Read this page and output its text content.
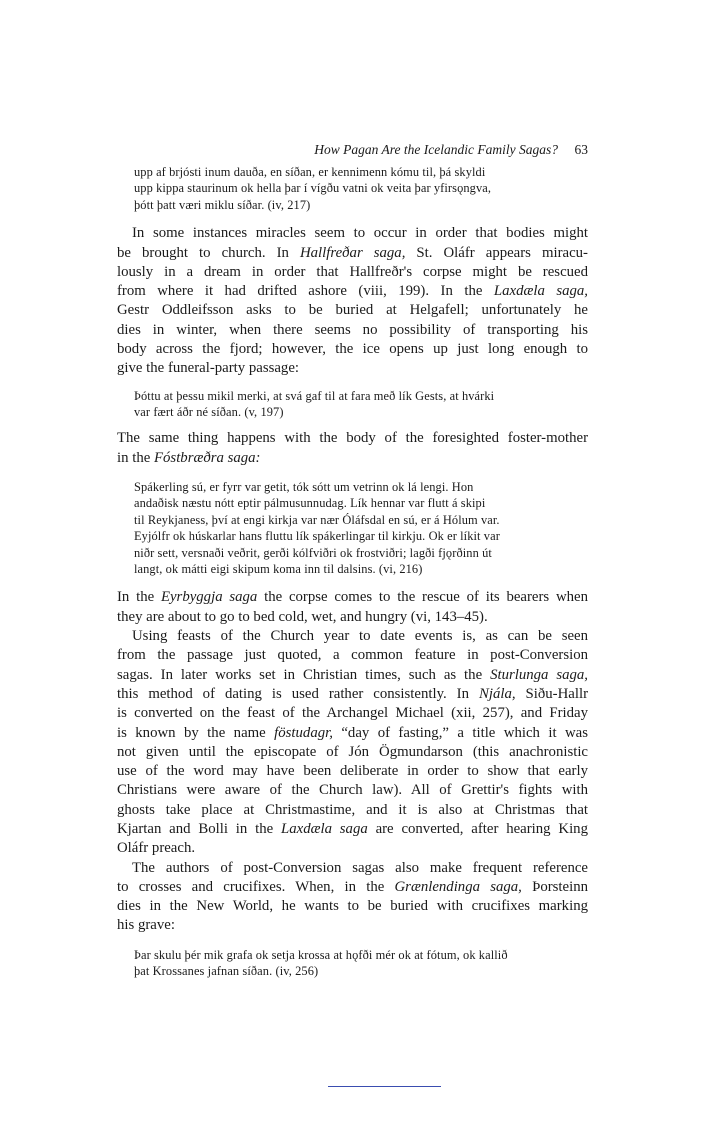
How Pagan Are the Icelandic Family Sagas? 63
upp af brjósti inum dauða, en síðan, er kennimenn kómu til, þá skyldi
upp kippa staurinum ok hella þar í vígðu vatni ok veita þar yfirsǫngva,
þótt þatt væri miklu síðar. (iv, 217)
In some instances miracles seem to occur in order that bodies might
be brought to church. In Hallfreðar saga, St. Oláfr appears miracu-
lously in a dream in order that Hallfreðr's corpse might be rescued
from where it had drifted ashore (viii, 199). In the Laxdæla saga,
Gestr Oddleifsson asks to be buried at Helgafell; unfortunately he
dies in winter, when there seems no possibility of transporting his
body across the fjord; however, the ice opens up just long enough to
give the funeral-party passage:
Þóttu at þessu mikil merki, at svá gaf til at fara með lík Gests, at hvárki
var fært áðr né síðan. (v, 197)
The same thing happens with the body of the foresighted foster-mother
in the Fóstbræðra saga:
Spákerling sú, er fyrr var getit, tók sótt um vetrinn ok lá lengi. Hon
andaðisk næstu nótt eptir pálmusunnudag. Lík hennar var flutt á skipi
til Reykjaness, því at engi kirkja var nær Óláfsdal en sú, er á Hólum var.
Eyjólfr ok húskarlar hans fluttu lík spákerlingar til kirkju. Ok er líkit var
niðr sett, versnaði veðrit, gerði kólfviðri ok frostviðri; lagði fjǫrðinn út
langt, ok mátti eigi skipum koma inn til dalsins. (vi, 216)
In the Eyrbyggja saga the corpse comes to the rescue of its bearers when
they are about to go to bed cold, wet, and hungry (vi, 143–45).
Using feasts of the Church year to date events is, as can be seen
from the passage just quoted, a common feature in post-Conversion
sagas. In later works set in Christian times, such as the Sturlunga saga,
this method of dating is used rather consistently. In Njála, Siðu-Hallr
is converted on the feast of the Archangel Michael (xii, 257), and Friday
is known by the name föstudagr, “day of fasting,” a title which it was
not given until the episcopate of Jón Ögmundarson (this anachronistic
use of the word may have been deliberate in order to show that early
Christians were aware of the Church law). All of Grettir's fights with
ghosts take place at Christmastime, and it is also at Christmas that
Kjartan and Bolli in the Laxdæla saga are converted, after hearing King
Oláfr preach.
The authors of post-Conversion sagas also make frequent reference
to crosses and crucifixes. When, in the Grænlendinga saga, Þorsteinn
dies in the New World, he wants to be buried with crucifixes marking
his grave:
Þar skulu þér mik grafa ok setja krossa at hǫfði mér ok at fótum, ok kallið
þat Krossanes jafnan síðan. (iv, 256)
